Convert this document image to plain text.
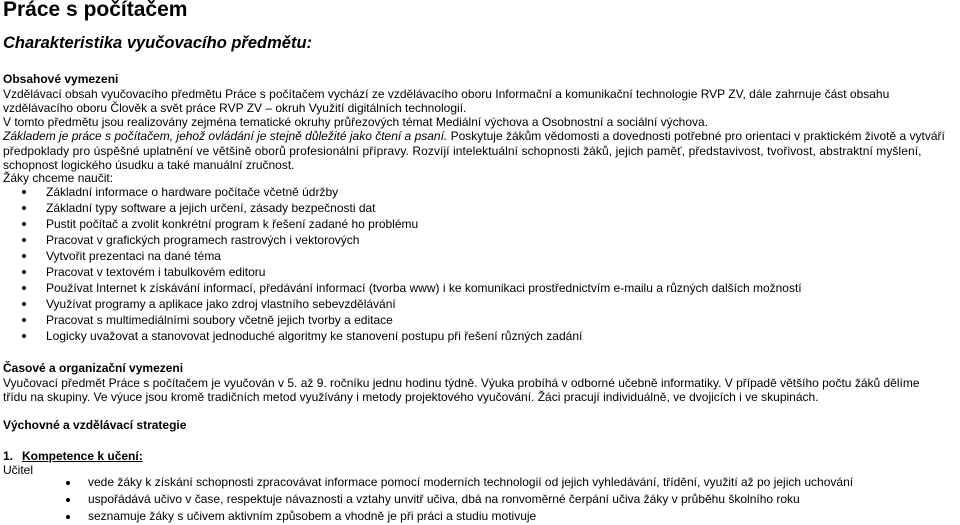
Práce s počítačem
Charakteristika vyučovacího předmětu:

Obsahové vymezeni

Vzdělávací obsah vyučovacího předmětu Práce s počítačem vychází ze vzdělávacího oboru Informační a komunikační technologie RVP ZV, dále zahrnuje část obsahu

vzdělávacího oboru Člověk a svět práce RVP ZV – okruh Využití digitálních technologií.

V tomto předmětu jsou realizovány zejména tematické okruhy průřezových témat Mediální výchova a Osobnostní a sociální výchova.

Základem je práce s počítačem, jehož ovládání je stejně důležité jako čtení a psaní. Poskytuje žákům vědomosti a dovednosti potřebné pro orientaci v praktickém životě a vytváří

předpoklady pro úspěšné uplatnění ve většině oborů profesionální přípravy. Rozvíjí intelektuální schopnosti žáků, jejich paměť, představivost, tvořivost, abstraktní myšlení,

schopnost logického úsudku a také manuální zručnost.

Žáky chceme naučit:

Základní informace o hardware počítače včetně údržby
Základní typy software a jejich určení, zásady bezpečnosti dat
Pustit počítač a zvolit konkrétní program k řešení zadané ho problému
Pracovat v grafických programech rastrových i vektorových
Vytvořit prezentaci na dané téma
Pracovat v textovém i tabulkovém editoru
Používat Internet k získávání informací, předávání informací (tvorba www) i ke komunikaci prostřednictvím e-mailu a různých dalších možností
Využívat programy a aplikace jako zdroj vlastního sebevzdělávání
Pracovat s multimediálními soubory včetně jejich tvorby a editace
Logicky uvažovat a stanovovat jednoduché algoritmy ke stanovení postupu při řešení různých zadání

Časové a organizační vymezeni

Vyučovací předmět Práce s počítačem je vyučován v 5. až 9. ročníku jednu hodinu týdně. Výuka probíhá v odborné učebně informatiky. V případě většího počtu žáků dělíme

třídu na skupiny. Ve výuce jsou kromě tradičních metod využívány i metody projektového vyučování. Žáci pracují individuálně, ve dvojicích i ve skupinách.

Výchovné a vzdělávací strategie

1. Kompetence k učení:

Učitel

vede žáky k získání schopnosti zpracovávat informace pomocí moderních technologií od jejich vyhledávání, třídění, využití až po jejich uchování
uspořádává učivo v čase, respektuje návaznosti a vztahy unvitř učiva, dbá na ronvoměrné čerpání učiva žáky v průběhu školního roku
seznamuje žáky s učivem aktivním způsobem a vhodně je při práci a studiu motivuje
